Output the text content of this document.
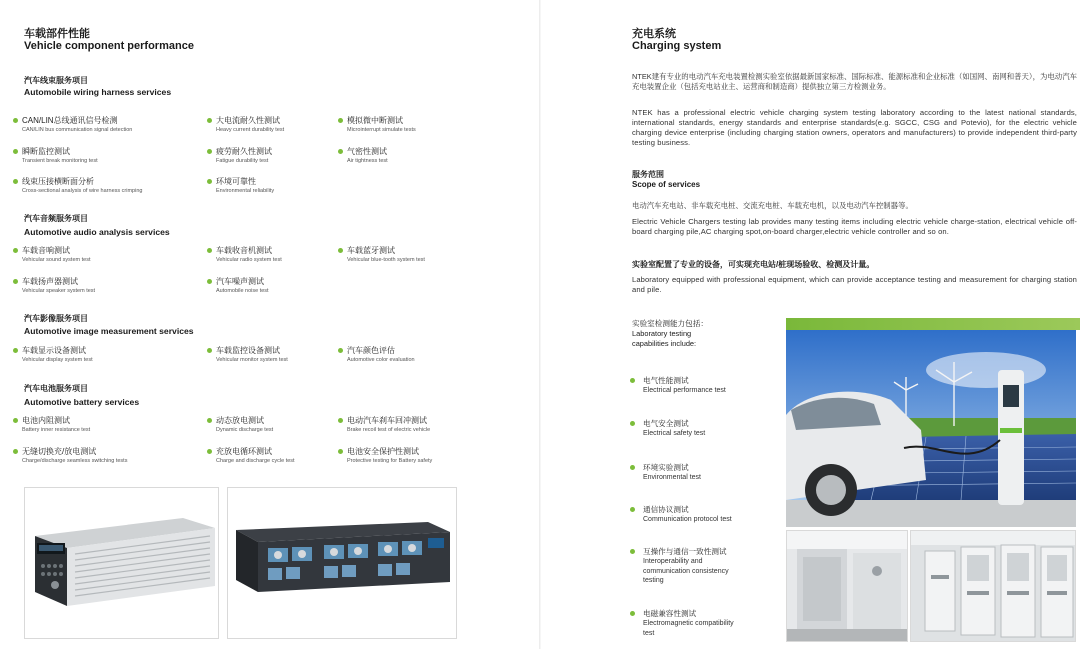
车载部件性能
Vehicle component performance
汽车线束服务项目
Automobile wiring harness services
CAN/LIN总线通讯信号检测
CAN/LIN bus communication signal detection
大电流耐久性测试
Heavy current durability test
模拟微中断测试
Microinterrupt simulate tests
瞬断监控测试
Transient break monitoring test
疲劳耐久性测试
Fatigue durability test
气密性测试
Air tightness test
线束压接横断面分析
Cross-sectional analysis of wire harness crimping
环境可靠性
Environmental reliability
汽车音频服务项目
Automotive audio analysis services
车载音响测试
Vehicular sound system test
车载收音机测试
Vehicular radio system test
车载蓝牙测试
Vehicular blue-tooth system test
车载扬声器测试
Vehicular speaker system test
汽车噪声测试
Automobile noise test
汽车影像服务项目
Automotive image measurement services
车载显示设备测试
Vehicular display system test
车载监控设备测试
Vehicular monitor system test
汽车颜色评估
Automotive color evaluation
汽车电池服务项目
Automotive battery services
电池内阻测试
Battery inner resistance test
动态放电测试
Dynamic discharge test
电动汽车刹车回冲测试
Brake recoil test of electric vehicle
无缝切换充/放电测试
Charge/discharge seamless switching tests
充放电循环测试
Charge and discharge cycle test
电池安全保护性测试
Protective testing for Battery safety
充电系统
Charging system
NTEK建有专业的电动汽车充电装置检测实验室依据最新国家标准、国际标准、能源标准和企业标准（如国网、南网和普天），为电动汽车充电装置企业（包括充电站业主、运营商和制造商）提供独立第三方检测业务。
NTEK has a professional electric vehicle charging system testing laboratory according to the latest national standards, international standards, energy standards and enterprise standards(e.g. SGCC, CSG and Potevio), for the electric vehicle charging device enterprise (including charging station owners, operators and manufacturers) to provide independent third-party testing business.
服务范围
Scope of services
电动汽车充电站、非车载充电桩、交流充电桩、车载充电机，以及电动汽车控制器等。
Electric Vehicle Chargers testing lab provides many testing items including electric vehicle charge-station, electrical vehicle off-board charging pile,AC charging spot,on-board charger,electric vehicle controller and so on.
实验室配置了专业的设备，可实现充电站/桩现场验收、检测及计量。
Laboratory equipped with professional equipment, which can provide acceptance testing and measurement for charging station and pile.
实验室检测能力包括：
Laboratory testing
capabilities include:
电气性能测试
Electrical performance test
电气安全测试
Electrical safety test
环境实验测试
Environmental test
通信协议测试
Communication protocol test
互操作与通信一致性测试
Interoperability and
communication consistency
testing
电磁兼容性测试
Electromagnetic compatibility
test
